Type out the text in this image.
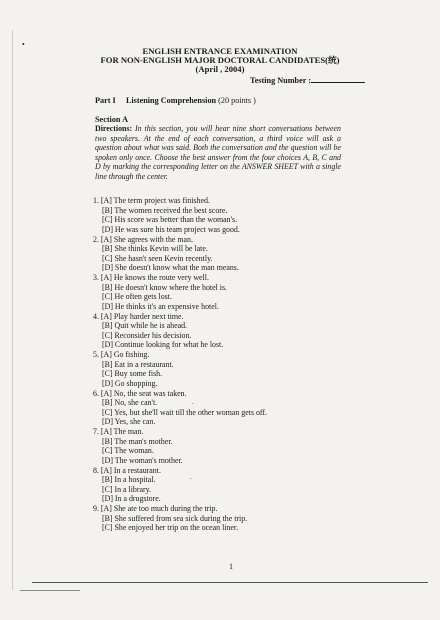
•
ENGLISH ENTRANCE EXAMINATION
FOR NON-ENGLISH MAJOR DOCTORAL CANDIDATES(统)
(April , 2004)
Testing Number :
Part I Listening Comprehension (20 points )
Section A
Directions: In this section, you will hear nine short conversations between two speakers. At the end of each conversation, a third voice will ask a question about what was said. Both the conversation and the question will be spoken only once. Choose the best answer from the four choices A, B, C and D by marking the corresponding letter on the ANSWER SHEET with a single line through the center.
1. [A] The term project was finished.
[B] The women received the best score.
[C] His score was better than the woman's.
[D] He was sure his team project was good.
2. [A] She agrees with the man.
[B] She thinks Kevin will be late.
[C] She hasn't seen Kevin recently.
[D] She doesn't know what the man means.
3. [A] He knows the route very well.
[B] He doesn't know where the hotel is.
[C] He often gets lost.
[D] He thinks it's an expensive hotel.
4. [A] Play harder next time.
[B] Quit while he is ahead.
[C] Reconsider his decision.
[D] Continue looking for what he lost.
5. [A] Go fishing.
[B] Eat in a restaurant.
[C] Buy some fish.
[D] Go shopping.
6. [A] No, the seat was taken.
[B] No, she can't.
[C] Yes, but she'll wait till the other woman gets off.
[D] Yes, she can.
7. [A] The man.
[B] The man's mother.
[C] The woman.
[D] The woman's mother.
8. [A] In a restaurant.
[B] In a hospital.
[C] In a library.
[D] In a drugstore.
9. [A] She ate too much during the trip.
[B] She suffered from sea sick during the trip.
[C] She enjoyed her trip on the ocean liner.
.
.
1
